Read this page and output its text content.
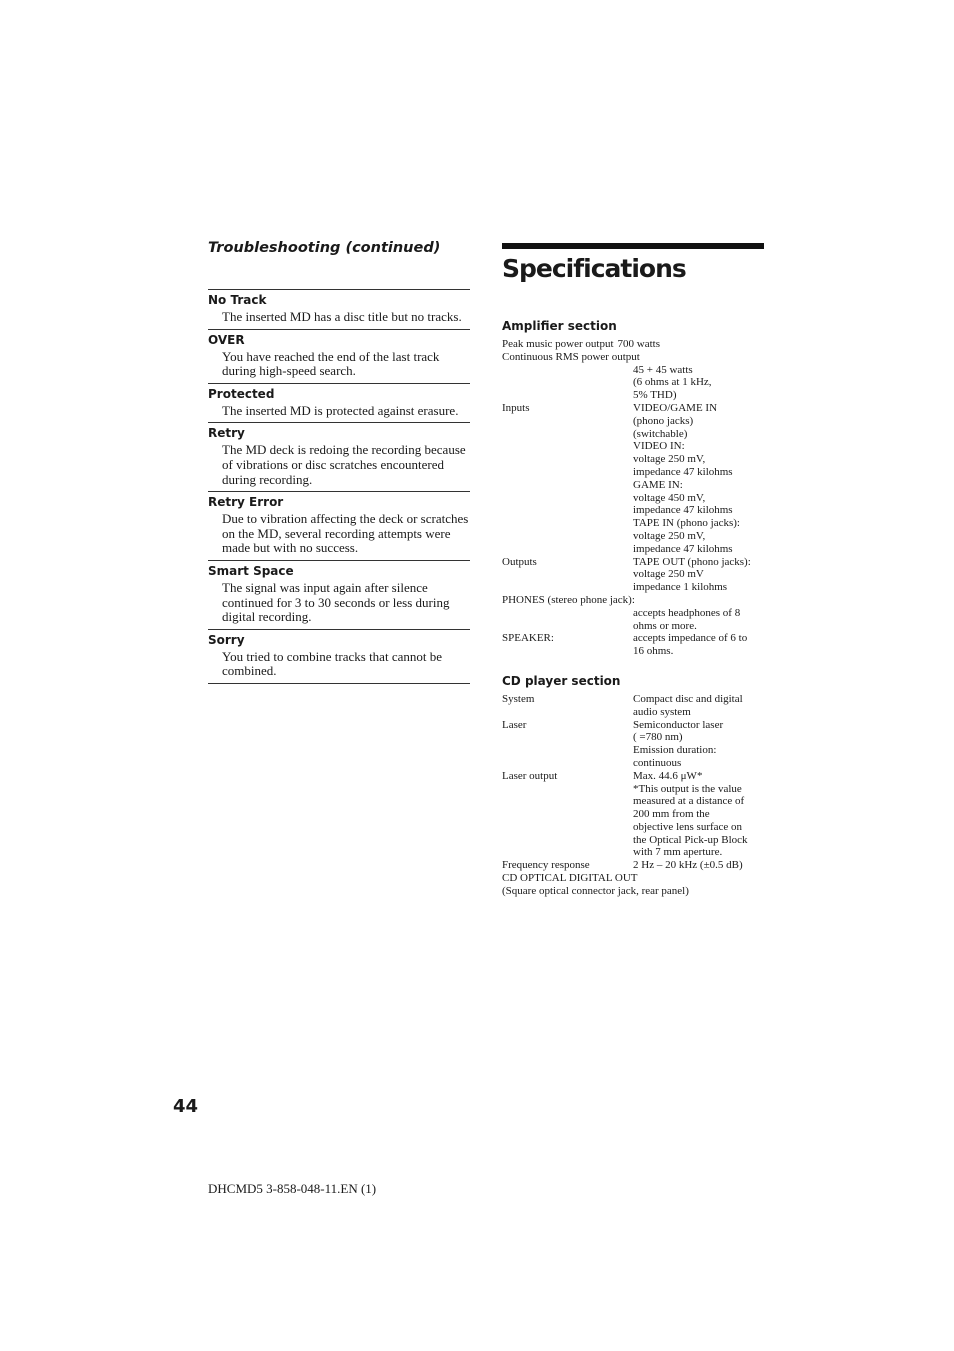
Troubleshooting (continued)
No Track
The inserted MD has a disc title but no tracks.
OVER
You have reached the end of the last track during high-speed search.
Protected
The inserted MD is protected against erasure.
Retry
The MD deck is redoing the recording because of vibrations or disc scratches encountered during recording.
Retry Error
Due to vibration affecting the deck or scratches on the MD, several recording attempts were made but with no success.
Smart Space
The signal was input again after silence continued for 3 to 30 seconds or less during digital recording.
Sorry
You tried to combine tracks that cannot be combined.
Specifications
Amplifier section
Peak music power output 700 watts
Continuous RMS power output
45 + 45 watts
(6 ohms at 1 kHz,
5% THD)
Inputs	VIDEO/GAME IN
(phono jacks)
(switchable)
VIDEO IN:
voltage 250 mV,
impedance 47 kilohms
GAME IN:
voltage 450 mV,
impedance 47 kilohms
TAPE IN (phono jacks):
voltage 250 mV,
impedance 47 kilohms
Outputs	TAPE OUT (phono jacks):
voltage 250 mV
impedance 1 kilohms
PHONES (stereo phone jack):
accepts headphones of 8
ohms or more.
SPEAKER:	accepts impedance of 6 to
16 ohms.
CD player section
System	Compact disc and digital
audio system
Laser	Semiconductor laser
( =780 nm)
Emission duration:
continuous
Laser output	Max. 44.6 μW*
*This output is the value
measured at a distance of
200 mm from the
objective lens surface on
the Optical Pick-up Block
with 7 mm aperture.
Frequency response	2 Hz – 20 kHz (±0.5 dB)
CD OPTICAL DIGITAL OUT
(Square optical connector jack, rear panel)
44
DHCMD5 3-858-048-11.EN (1)
